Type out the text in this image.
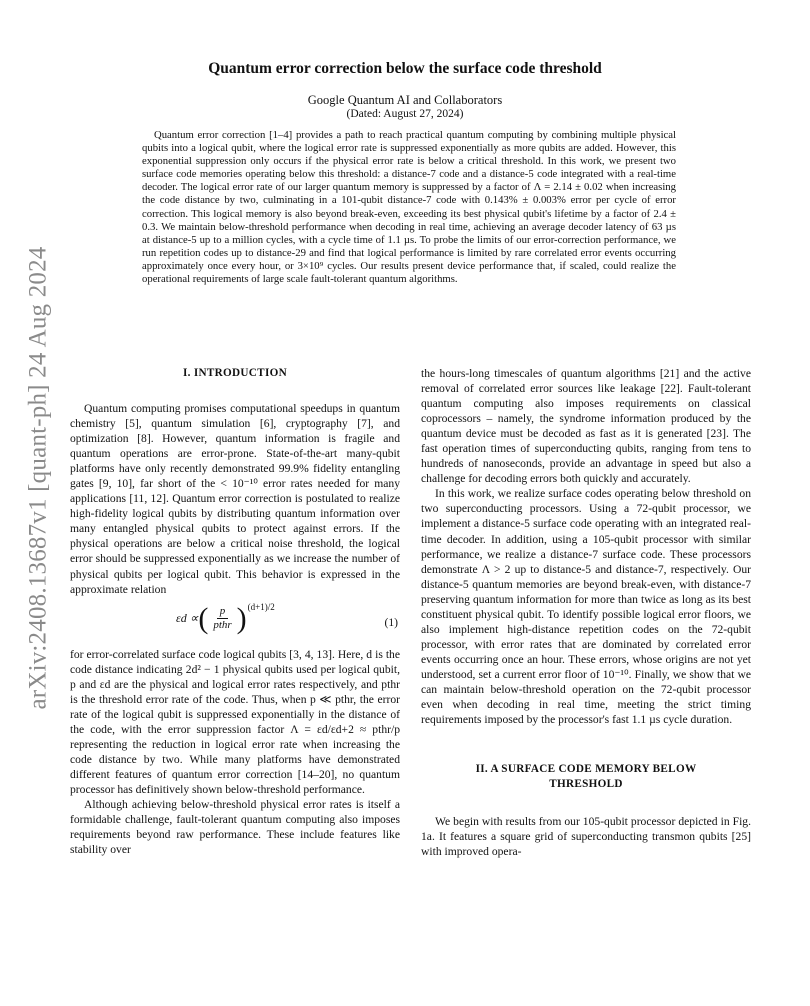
arXiv:2408.13687v1 [quant-ph] 24 Aug 2024
Quantum error correction below the surface code threshold
Google Quantum AI and Collaborators
(Dated: August 27, 2024)

Quantum error correction [1–4] provides a path to reach practical quantum computing by combining multiple physical qubits into a logical qubit, where the logical error rate is suppressed exponentially as more qubits are added. However, this exponential suppression only occurs if the physical error rate is below a critical threshold. In this work, we present two surface code memories operating below this threshold: a distance-7 code and a distance-5 code integrated with a real-time decoder. The logical error rate of our larger quantum memory is suppressed by a factor of Λ = 2.14 ± 0.02 when increasing the code distance by two, culminating in a 101-qubit distance-7 code with 0.143% ± 0.003% error per cycle of error correction. This logical memory is also beyond break-even, exceeding its best physical qubit's lifetime by a factor of 2.4 ± 0.3. We maintain below-threshold performance when decoding in real time, achieving an average decoder latency of 63 µs at distance-5 up to a million cycles, with a cycle time of 1.1 µs. To probe the limits of our error-correction performance, we run repetition codes up to distance-29 and find that logical performance is limited by rare correlated error events occurring approximately once every hour, or 3×10⁹ cycles. Our results present device performance that, if scaled, could realize the operational requirements of large scale fault-tolerant quantum algorithms.

I. INTRODUCTION

Quantum computing promises computational speedups in quantum chemistry [5], quantum simulation [6], cryptography [7], and optimization [8]. However, quantum information is fragile and quantum operations are error-prone. State-of-the-art many-qubit platforms have only recently demonstrated 99.9% fidelity entangling gates [9, 10], far short of the < 10⁻¹⁰ error rates needed for many applications [11, 12]. Quantum error correction is postulated to realize high-fidelity logical qubits by distributing quantum information over many entangled physical qubits to protect against errors. If the physical operations are below a critical noise threshold, the logical error should be suppressed exponentially as we increase the number of physical qubits per logical qubit. This behavior is expressed in the approximate relation

εd ∝ ( $\frac{p}{\text{pthr}}$ ) (d+1)/2
(1)

for error-correlated surface code logical qubits [3, 4, 13]. Here, d is the code distance indicating 2d² − 1 physical qubits used per logical qubit, p and εd are the physical and logical error rates respectively, and pthr is the threshold error rate of the code. Thus, when p ≪ pthr, the error rate of the logical qubit is suppressed exponentially in the distance of the code, with the error suppression factor Λ = εd/εd+2 ≈ pthr/p representing the reduction in logical error rate when increasing the code distance by two. While many platforms have demonstrated different features of quantum error correction [14–20], no quantum processor has definitively shown below-threshold performance.

Although achieving below-threshold physical error rates is itself a formidable challenge, fault-tolerant quantum computing also imposes requirements beyond raw performance. These include features like stability over

the hours-long timescales of quantum algorithms [21] and the active removal of correlated error sources like leakage [22]. Fault-tolerant quantum computing also imposes requirements on classical coprocessors – namely, the syndrome information produced by the quantum device must be decoded as fast as it is generated [23]. The fast operation times of superconducting qubits, ranging from tens to hundreds of nanoseconds, provide an advantage in speed but also a challenge for decoding errors both quickly and accurately.

In this work, we realize surface codes operating below threshold on two superconducting processors. Using a 72-qubit processor, we implement a distance-5 surface code operating with an integrated real-time decoder. In addition, using a 105-qubit processor with similar performance, we realize a distance-7 surface code. These processors demonstrate Λ > 2 up to distance-5 and distance-7, respectively. Our distance-5 quantum memories are beyond break-even, with distance-7 preserving quantum information for more than twice as long as its best constituent physical qubit. To identify possible logical error floors, we also implement high-distance repetition codes on the 72-qubit processor, with error rates that are dominated by correlated error events occurring once an hour. These errors, whose origins are not yet understood, set a current error floor of 10⁻¹⁰. Finally, we show that we can maintain below-threshold operation on the 72-qubit processor even when decoding in real time, meeting the strict timing requirements imposed by the processor's fast 1.1 µs cycle duration.

II. A SURFACE CODE MEMORY BELOW THRESHOLD

We begin with results from our 105-qubit processor depicted in Fig. 1a. It features a square grid of superconducting transmon qubits [25] with improved opera-
